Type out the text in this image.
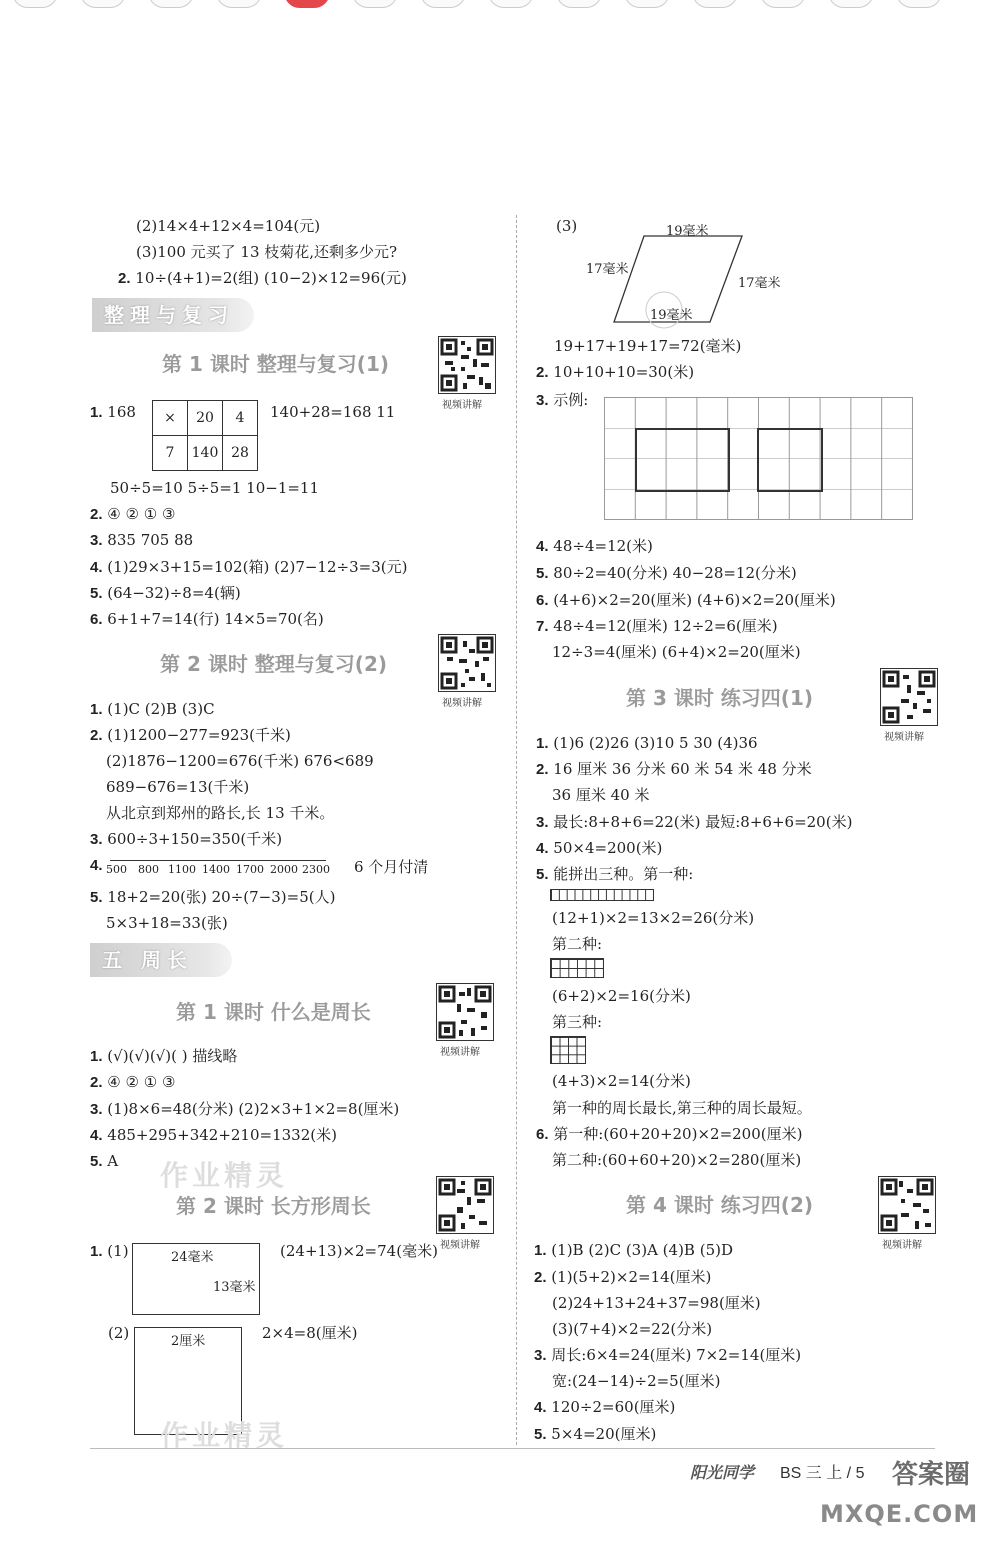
(2)14×4+12×4=104(元)
(3)100 元买了 13 枝菊花,还剩多少元?
2. 10÷(4+1)=2(组) (10−2)×12=96(元)
整理与复习
第 1 课时 整理与复习(1)
视频讲解
1. 168 ×	20	4
7	140	28
140+28=168 11
50÷5=10 5÷5=1 10−1=11
2. ④ ② ① ③
3. 835 705 88
4. (1)29×3+15=102(箱) (2)7−12÷3=3(元)
5. (64−32)÷8=4(辆)
6. 6+1+7=14(行) 14×5=70(名)
第 2 课时 整理与复习(2)
视频讲解
1. (1)C (2)B (3)C
2. (1)1200−277=923(千米)
(2)1876−1200=676(千米) 676<689
689−676=13(千米)
从北京到郑州的路长,长 13 千米。
3. 600÷3+150=350(千米)
4. 500 800 1100 1400 1700 2000 2300 6 个月付清
5. 18+2=20(张) 20÷(7−3)=5(人)
5×3+18=33(张)
五 周长
第 1 课时 什么是周长
视频讲解
1. (√)(√)(√)( ) 描线略
2. ④ ② ① ③
3. (1)8×6=48(分米) (2)2×3+1×2=8(厘米)
4. 485+295+342+210=1332(米)
5. A 作业精灵
第 2 课时 长方形周长
视频讲解
1. (1)	24毫米
13毫米
(24+13)×2=74(毫米)
(2)	2厘米	2×4=8(厘米)
作业精灵
(3)	19毫米
17毫米
17毫米
19毫米
19+17+19+17=72(毫米)
2. 10+10+10=30(米)
3. 示例:
4. 48÷4=12(米)
5. 80÷2=40(分米) 40−28=12(分米)
6. (4+6)×2=20(厘米) (4+6)×2=20(厘米)
7. 48÷4=12(厘米) 12÷2=6(厘米)
12÷3=4(厘米) (6+4)×2=20(厘米)
第 3 课时 练习四(1)
视频讲解
1. (1)6 (2)26 (3)10 5 30 (4)36
2. 16 厘米 36 分米 60 米 54 米 48 分米
36 厘米 40 米
3. 最长:8+8+6=22(米) 最短:8+6+6=20(米)
4. 50×4=200(米)
5. 能拼出三种。第一种:
(12+1)×2=13×2=26(分米)
第二种:
(6+2)×2=16(分米)
第三种:
(4+3)×2=14(分米)
第一种的周长最长,第三种的周长最短。
6. 第一种:(60+20+20)×2=200(厘米)
第二种:(60+60+20)×2=280(厘米)
第 4 课时 练习四(2)
视频讲解
1. (1)B (2)C (3)A (4)B (5)D
2. (1)(5+2)×2=14(厘米)
(2)24+13+24+37=98(厘米)
(3)(7+4)×2=22(分米)
3. 周长:6×4=24(厘米) 7×2=14(厘米)
宽:(24−14)÷2=5(厘米)
4. 120÷2=60(厘米)
5. 5×4=20(厘米)
阳光同学 BS 三 上 / 5 答案圈
MXQE.COM
